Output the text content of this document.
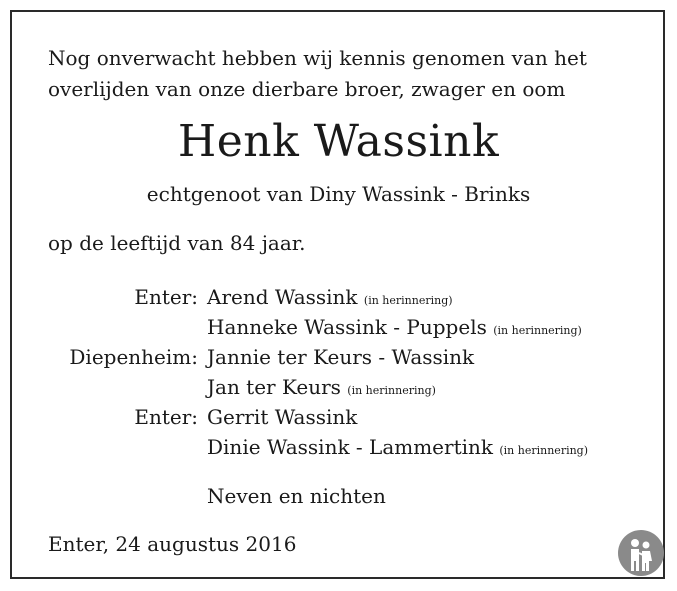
Nog onverwacht hebben wij kennis genomen van het
overlijden van onze dierbare broer, zwager en oom
Henk Wassink
echtgenoot van Diny Wassink - Brinks
op de leeftijd van 84 jaar.
Enter: Arend Wassink (in herinnering)
Hanneke Wassink - Puppels (in herinnering)
Diepenheim: Jannie ter Keurs - Wassink
Jan ter Keurs (in herinnering)
Enter: Gerrit Wassink
Dinie Wassink - Lammertink (in herinnering)
Neven en nichten
Enter, 24 augustus 2016
